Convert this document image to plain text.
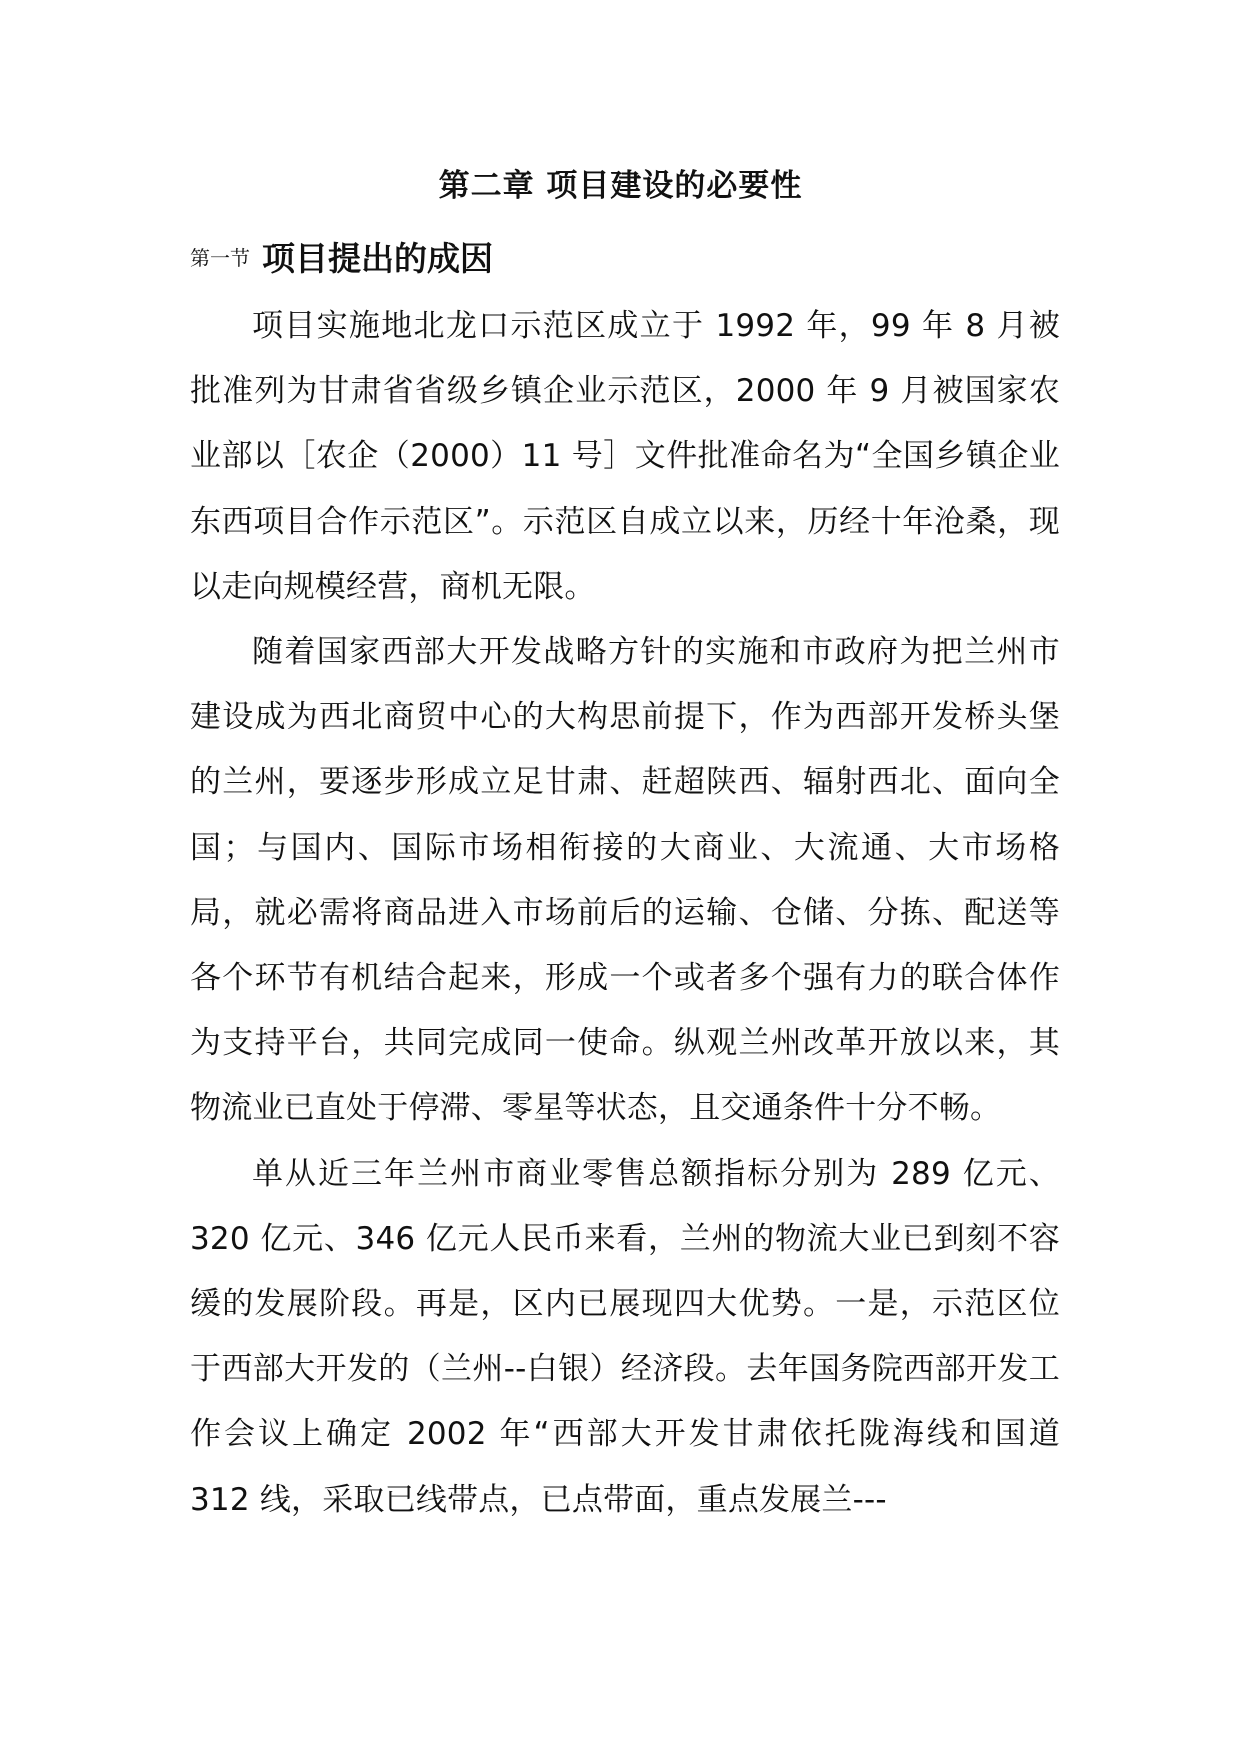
第二章 项目建设的必要性
第一节 项目提出的成因

项目实施地北龙口示范区成立于 1992 年，99 年 8 月被批准列为甘肃省省级乡镇企业示范区，2000 年 9 月被国家农业部以［农企（2000）11 号］文件批准命名为“全国乡镇企业东西项目合作示范区”。示范区自成立以来，历经十年沧桑，现以走向规模经营，商机无限。

随着国家西部大开发战略方针的实施和市政府为把兰州市建设成为西北商贸中心的大构思前提下，作为西部开发桥头堡的兰州，要逐步形成立足甘肃、赶超陕西、辐射西北、面向全国；与国内、国际市场相衔接的大商业、大流通、大市场格局，就必需将商品进入市场前后的运输、仓储、分拣、配送等各个环节有机结合起来，形成一个或者多个强有力的联合体作为支持平台，共同完成同一使命。纵观兰州改革开放以来，其物流业已直处于停滞、零星等状态，且交通条件十分不畅。

单从近三年兰州市商业零售总额指标分别为 289 亿元、320 亿元、346 亿元人民币来看，兰州的物流大业已到刻不容缓的发展阶段。再是，区内已展现四大优势。一是，示范区位于西部大开发的（兰州--白银）经济段。去年国务院西部开发工作会议上确定 2002 年“西部大开发甘肃依托陇海线和国道 312 线，采取已线带点，已点带面，重点发展兰---
